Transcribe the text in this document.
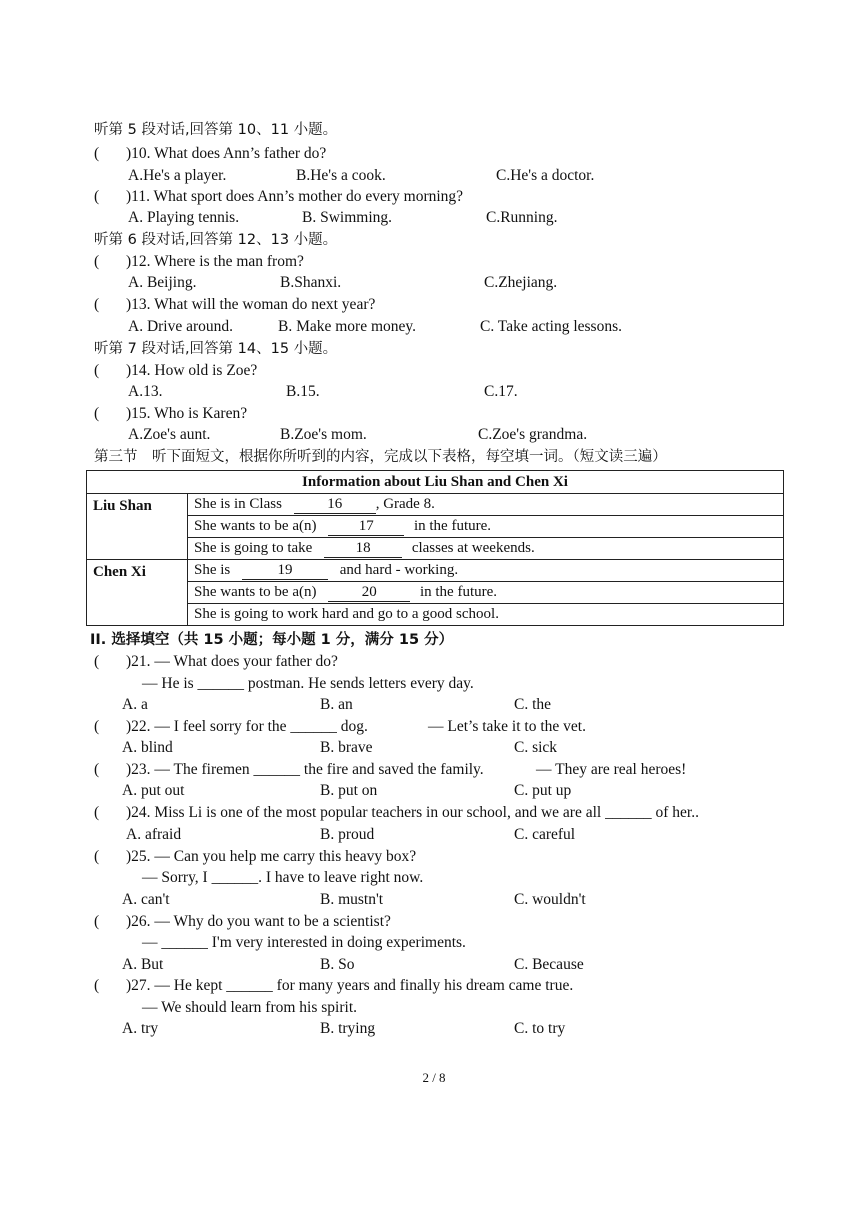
听第 5 段对话,回答第 10、11 小题。
( )10. What does Ann’s father do?
A.He's a player.	B.He's a cook.	C.He's a doctor.
( )11. What sport does Ann’s mother do every morning?
A. Playing tennis.	B. Swimming.	C.Running.
听第 6 段对话,回答第 12、13 小题。
( )12. Where is the man from?
A. Beijing.	B.Shanxi.	C.Zhejiang.
( )13. What will the woman do next year?
A. Drive around.	B. Make more money.	C. Take acting lessons.
听第 7 段对话,回答第 14、15 小题。
( )14. How old is Zoe?
A.13.	B.15.	C.17.
( )15. Who is Karen?
A.Zoe's aunt.	B.Zoe's mom.	C.Zoe's grandma.
第三节　听下面短文，根据你所听到的内容，完成以下表格，每空填一词。（短文读三遍）
Information about Liu Shan and Chen Xi	
Liu Shan	She is in Class 16 , Grade 8.
	She wants to be a(n) 17 in the future.
	She is going to take 18 classes at weekends.
Chen Xi	She is 19 and hard - working.
	She wants to be a(n) 20 in the future.
	She is going to work hard and go to a good school.
II. 选择填空（共 15 小题；每小题 1 分，满分 15 分）
( )21. — What does your father do?
— He is ______ postman. He sends letters every day.
A. a	B. an	C. the
( )22. — I feel sorry for the ______ dog.	— Let’s take it to the vet.
A. blind	B. brave	C. sick
( )23. — The firemen ______ the fire and saved the family.	— They are real heroes!
A. put out	B. put on	C. put up
( )24. Miss Li is one of the most popular teachers in our school, and we are all ______ of her..
A. afraid	B. proud	C. careful
( )25. — Can you help me carry this heavy box?
— Sorry, I ______. I have to leave right now.
A. can't	B. mustn't	C. wouldn't
( )26. — Why do you want to be a scientist?
— ______ I'm very interested in doing experiments.
A. But	B. So	C. Because
( )27. — He kept ______ for many years and finally his dream came true.
— We should learn from his spirit.
A. try	B. trying	C. to try
2 / 8
